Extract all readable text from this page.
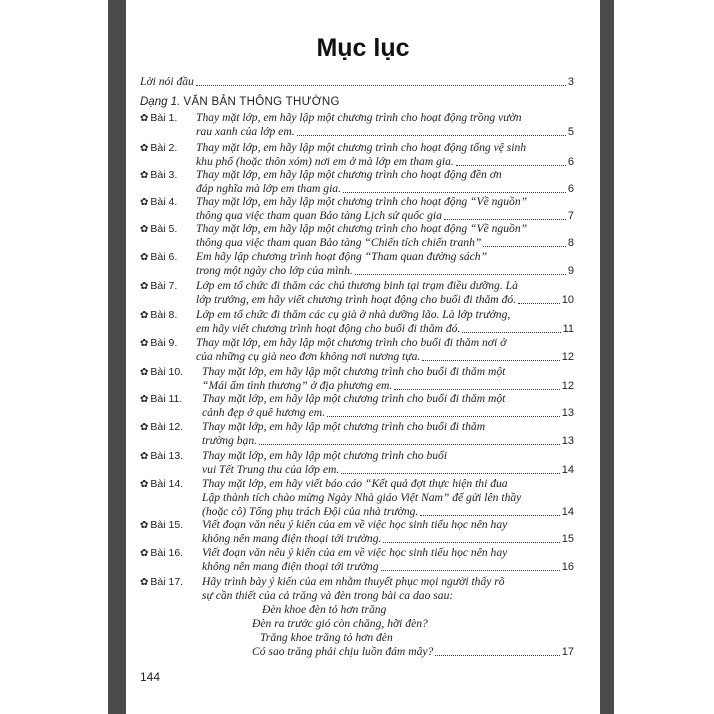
Mục lục
Lời nói đầu	3
Dạng 1. VĂN BẢN THÔNG THƯỜNG
✿ Bài 1. Thay mặt lớp, em hãy lập một chương trình cho hoạt động trồng vườn
rau xanh của lớp em.	5
✿ Bài 2. Thay mặt lớp, em hãy lập một chương trình cho hoạt động tổng vệ sinh
khu phố (hoặc thôn xóm) nơi em ở mà lớp em tham gia.	6
✿ Bài 3. Thay mặt lớp, em hãy lập một chương trình cho hoạt động đền ơn
đáp nghĩa mà lớp em tham gia.	6
✿ Bài 4. Thay mặt lớp, em hãy lập một chương trình cho hoạt động “Về nguồn”
thông qua việc tham quan Bảo tàng Lịch sử quốc gia	7
✿ Bài 5. Thay mặt lớp, em hãy lập một chương trình cho hoạt động “Về nguồn”
thông qua việc tham quan Bảo tàng “Chiến tích chiến tranh”	8
✿ Bài 6. Em hãy lập chương trình hoạt động “Tham quan đường sách”
trong một ngày cho lớp của mình.	9
✿ Bài 7. Lớp em tổ chức đi thăm các chú thương binh tại trạm điều dưỡng. Là
lớp trưởng, em hãy viết chương trình hoạt động cho buổi đi thăm đó.	10
✿ Bài 8. Lớp em tổ chức đi thăm các cụ già ở nhà dưỡng lão. Là lớp trưởng,
em hãy viết chương trình hoạt động cho buổi đi thăm đó.	11
✿ Bài 9. Thay mặt lớp, em hãy lập một chương trình cho buổi đi thăm nơi ở
của những cụ già neo đơn không nơi nương tựa.	12
✿ Bài 10. Thay mặt lớp, em hãy lập một chương trình cho buổi đi thăm một
“Mái ấm tình thương” ở địa phương em.	12
✿ Bài 11. Thay mặt lớp, em hãy lập một chương trình cho buổi đi thăm một
cảnh đẹp ở quê hương em.	13
✿ Bài 12. Thay mặt lớp, em hãy lập một chương trình cho buổi đi thăm
trường bạn.	13
✿ Bài 13. Thay mặt lớp, em hãy lập một chương trình cho buổi
vui Tết Trung thu của lớp em.	14
✿ Bài 14. Thay mặt lớp, em hãy viết báo cáo “Kết quả đợt thực hiện thi đua
Lập thành tích chào mừng Ngày Nhà giáo Việt Nam” để gửi lên thầy
(hoặc cô) Tổng phụ trách Đội của nhà trường.	14
✿ Bài 15. Viết đoạn văn nêu ý kiến của em về việc học sinh tiểu học nên hay
không nên mang điện thoại tới trường.	15
✿ Bài 16. Viết đoạn văn nêu ý kiến của em về việc học sinh tiểu học nên hay
không nên mang điện thoại tới trường	16
✿ Bài 17. Hãy trình bày ý kiến của em nhằm thuyết phục mọi người thấy rõ
sự cần thiết của cả trăng và đèn trong bài ca dao sau:
Đèn khoe đèn tỏ hơn trăng
Đèn ra trước gió còn chăng, hỡi đèn?
Trăng khoe trăng tỏ hơn đèn
Có sao trăng phải chịu luồn đám mây?	17
144
